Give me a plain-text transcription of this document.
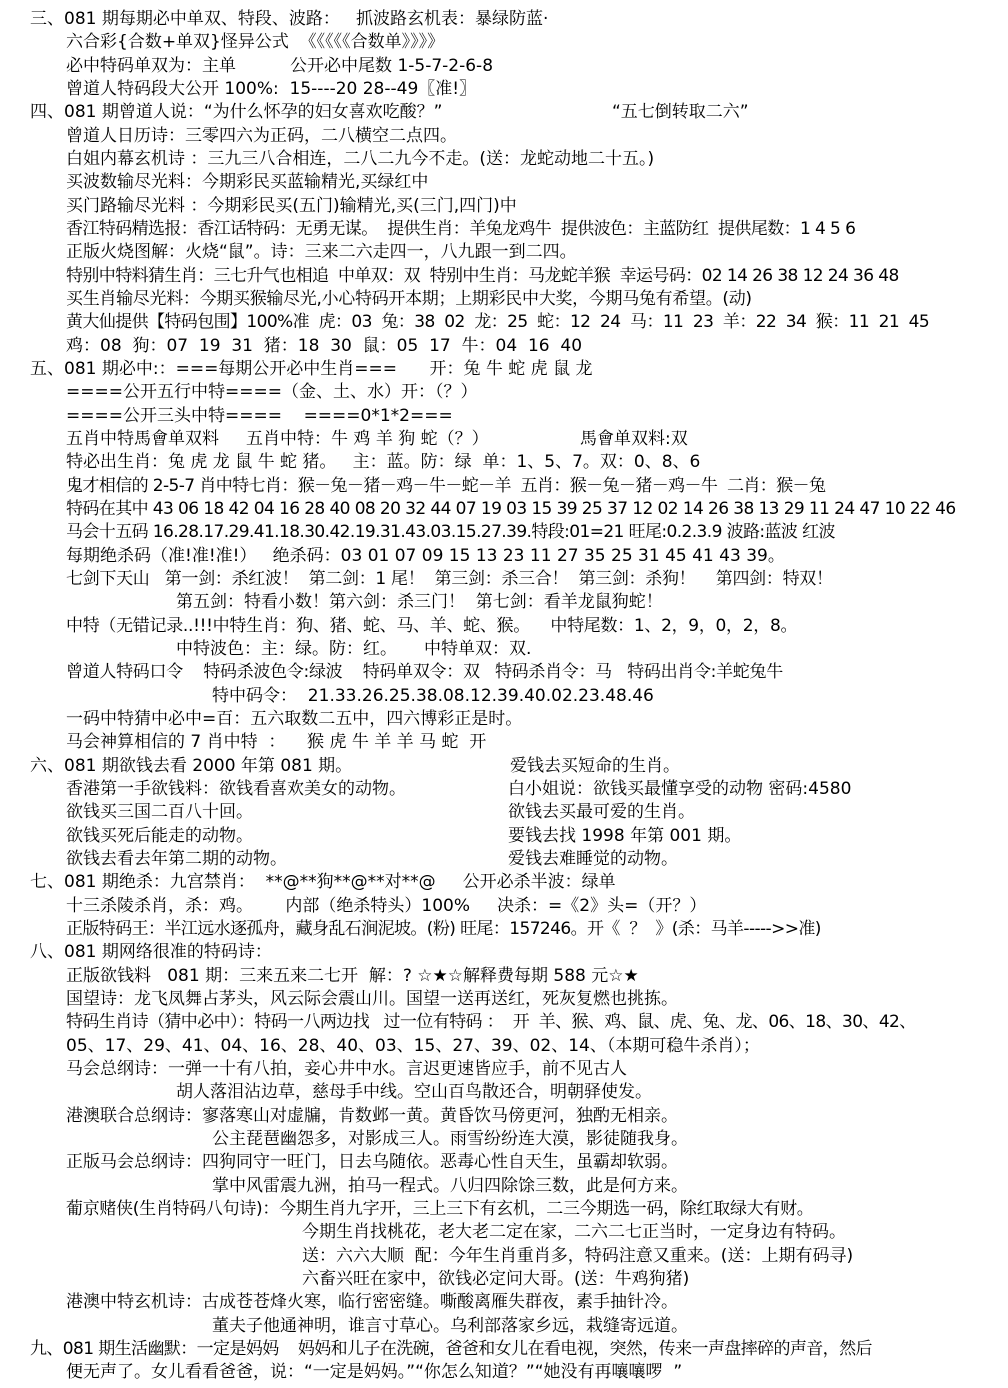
三、081 期每期必中单双、特段、波路：   抓波路玄机表：暴绿防蓝·
六合彩{合数+单双}怪异公式  《《《《《合数单》》》》
必中特码单双为：主单          公开必中尾数 1-5-7-2-6-8
曾道人特码段大公开 100%:  15----20 28--49〖准!〗
四、081 期曾道人说：“为什么怀孕的妇女喜欢吃酸？”	“五七倒转取二六”
曾道人日历诗：三零四六为正码，二八横空二点四。
白姐内幕玄机诗 ：三九三八合相连，二八二九今不走。(送：龙蛇动地二十五。)
买波数输尽光料：今期彩民买蓝输精光,买绿红中
买门路输尽光料 ：今期彩民买(五门)输精光,买(三门,四门)中
香江特码精选报：香江话特码：无勇无谋。  提供生肖：羊兔龙鸡牛  提供波色：主蓝防红  提供尾数：1 4 5 6
正版火烧图解：火烧“鼠”。诗：三来二六走四一，八九跟一到二四。
特别中特料猜生肖：三七升气也相追  中单双：双  特别中生肖：马龙蛇羊猴  幸运号码：02 14 26 38 12 24 36 48
买生肖输尽光料：今期买猴输尽光,小心特码开本期；上期彩民中大奖，今期马兔有希望。(动)
黄大仙提供【特码包围】100%准  虎：03  兔：38  02  龙：25  蛇：12  24  马：11  23  羊：22  34  猴：11  21  45
鸡：08  狗：07  19  31  猪：18  30  鼠：05  17  牛：04  16  40
五、081 期必中:：===每期公开必中生肖===      开：兔 牛 蛇 虎 鼠 龙
====公开五行中特====（金、土、水）开：（？）
====公开三头中特====    ====0*1*2===
五肖中特馬會单双料     五肖中特：牛 鸡 羊 狗 蛇（？）	馬會单双料:双
特必出生肖：兔 虎 龙 鼠 牛 蛇 猪。   主：蓝。防：绿  单：1、5、7。双：0、8、6
鬼才相信的 2-5-7 肖中特七肖：猴－兔－猪－鸡－牛－蛇－羊  五肖：猴－兔－猪－鸡－牛  二肖：猴－兔
特码在其中 43 06 18 42 04 16 28 40 08 20 32 44 07 19 03 15 39 25 37 12 02 14 26 38 13 29 11 24 47 10 22 46
马会十五码 16.28.17.29.41.18.30.42.19.31.43.03.15.27.39.特段:01=21 旺尾:0.2.3.9 波路:蓝波 红波
每期绝杀码（准!准!准!）   绝杀码：03 01 07 09 15 13 23 11 27 35 25 31 45 41 43 39。
七剑下天山   第一剑：杀红波！  第二剑：1 尾！  第三剑：杀三合！  第三剑：杀狗！    第四剑：特双！
第五剑：特看小数！第六剑：杀三门！  第七剑：看羊龙鼠狗蛇！
中特（无错记录..!!!中特生肖：狗、猪、蛇、马、羊、蛇、猴。    中特尾数：1、2，9，0，2，8。
中特波色：主：绿。防：红。     中特单双：双.
曾道人特码口令    特码杀波色令:绿波    特码单双令：双   特码杀肖令：马   特码出肖令:羊蛇兔牛
特中码令：  21.33.26.25.38.08.12.39.40.02.23.48.46
一码中特猜中必中=百：五六取数二五中，四六博彩正是时。
马会神算相信的 7 肖中特  ：    猴 虎 牛 羊 羊 马 蛇  开
六、081 期欲钱去看 2000 年第 081 期。	爱钱去买短命的生肖。
香港第一手欲钱料：欲钱看喜欢美女的动物。	白小姐说：欲钱买最懂享受的动物 密码:4580
欲钱买三国二百八十回。	欲钱去买最可爱的生肖。
欲钱买死后能走的动物。	要钱去找 1998 年第 001 期。
欲钱去看去年第二期的动物。	爱钱去难睡觉的动物。
七、081 期绝杀：九宫禁肖：  **@**狗**@**对**@     公开必杀半波：绿单
十三杀陵杀肖，杀：鸡。      内部（绝杀特头）100%     决杀：=《2》头=（开？）
正版特码王：半江远水逐孤舟，藏身乱石涧泥坡。(粉) 旺尾：157246。开《  ？  》(杀：马羊----->>准)
八、081 期网络很准的特码诗：
正版欲钱料   081 期：三来五来二七开  解：? ☆★☆解释费每期 588 元☆★
国望诗：龙飞凤舞占茅头，风云际会震山川。国望一送再送红，死灰复燃也挑拣。
特码生肖诗（猜中必中）：特码一八两边找   过一位有特码 ：  开  羊、猴、鸡、鼠、虎、兔、龙、06、18、30、42、
05、17、29、41、04、16、28、40、03、15、27、39、02、14、（本期可稳牛杀肖）；
马会总纲诗：一弹一十有八拍，妾心井中水。言迟更速皆应手，前不见古人
胡人落泪沾边草，慈母手中线。空山百鸟散还合，明朝驿使发。
港澳联合总纲诗：寥落寒山对虚牖，肯数邺一黄。黄昏饮马傍更河，独酌无相亲。
公主琵琶幽怨多，对影成三人。雨雪纷纷连大漠，影徒随我身。
正版马会总纲诗：四狗同守一旺门，日去乌随依。恶毒心性自天生，虽霸却软弱。
掌中风雷震九洲，拍马一程式。八归四除馀三数，此是何方来。
葡京赌侠(生肖特码八句诗)：今期生肖九字开，三上三下有玄机，二三今期选一码，除红取绿大有财。
今期生肖找桃花，老大老二定在家，二六二七正当时，一定身边有特码。
送：六六大顺  配：今年生肖重肖多，特码注意又重来。(送：上期有码寻)
六畜兴旺在家中，欲钱必定问大哥。(送：牛鸡狗猪)
港澳中特玄机诗：古成苍苍烽火寒，临行密密缝。嘶酸离雁失群夜，素手抽针冷。
董夫子他通神明，谁言寸草心。乌利部落家乡远，栽缝寄远道。
九、081 期生活幽默：一定是妈妈    妈妈和儿子在洗碗，爸爸和女儿在看电视，突然，传来一声盘摔碎的声音，然后
便无声了。女儿看看爸爸，说：“一定是妈妈。”“你怎么知道？”“她没有再嚷嚷啰  ”
